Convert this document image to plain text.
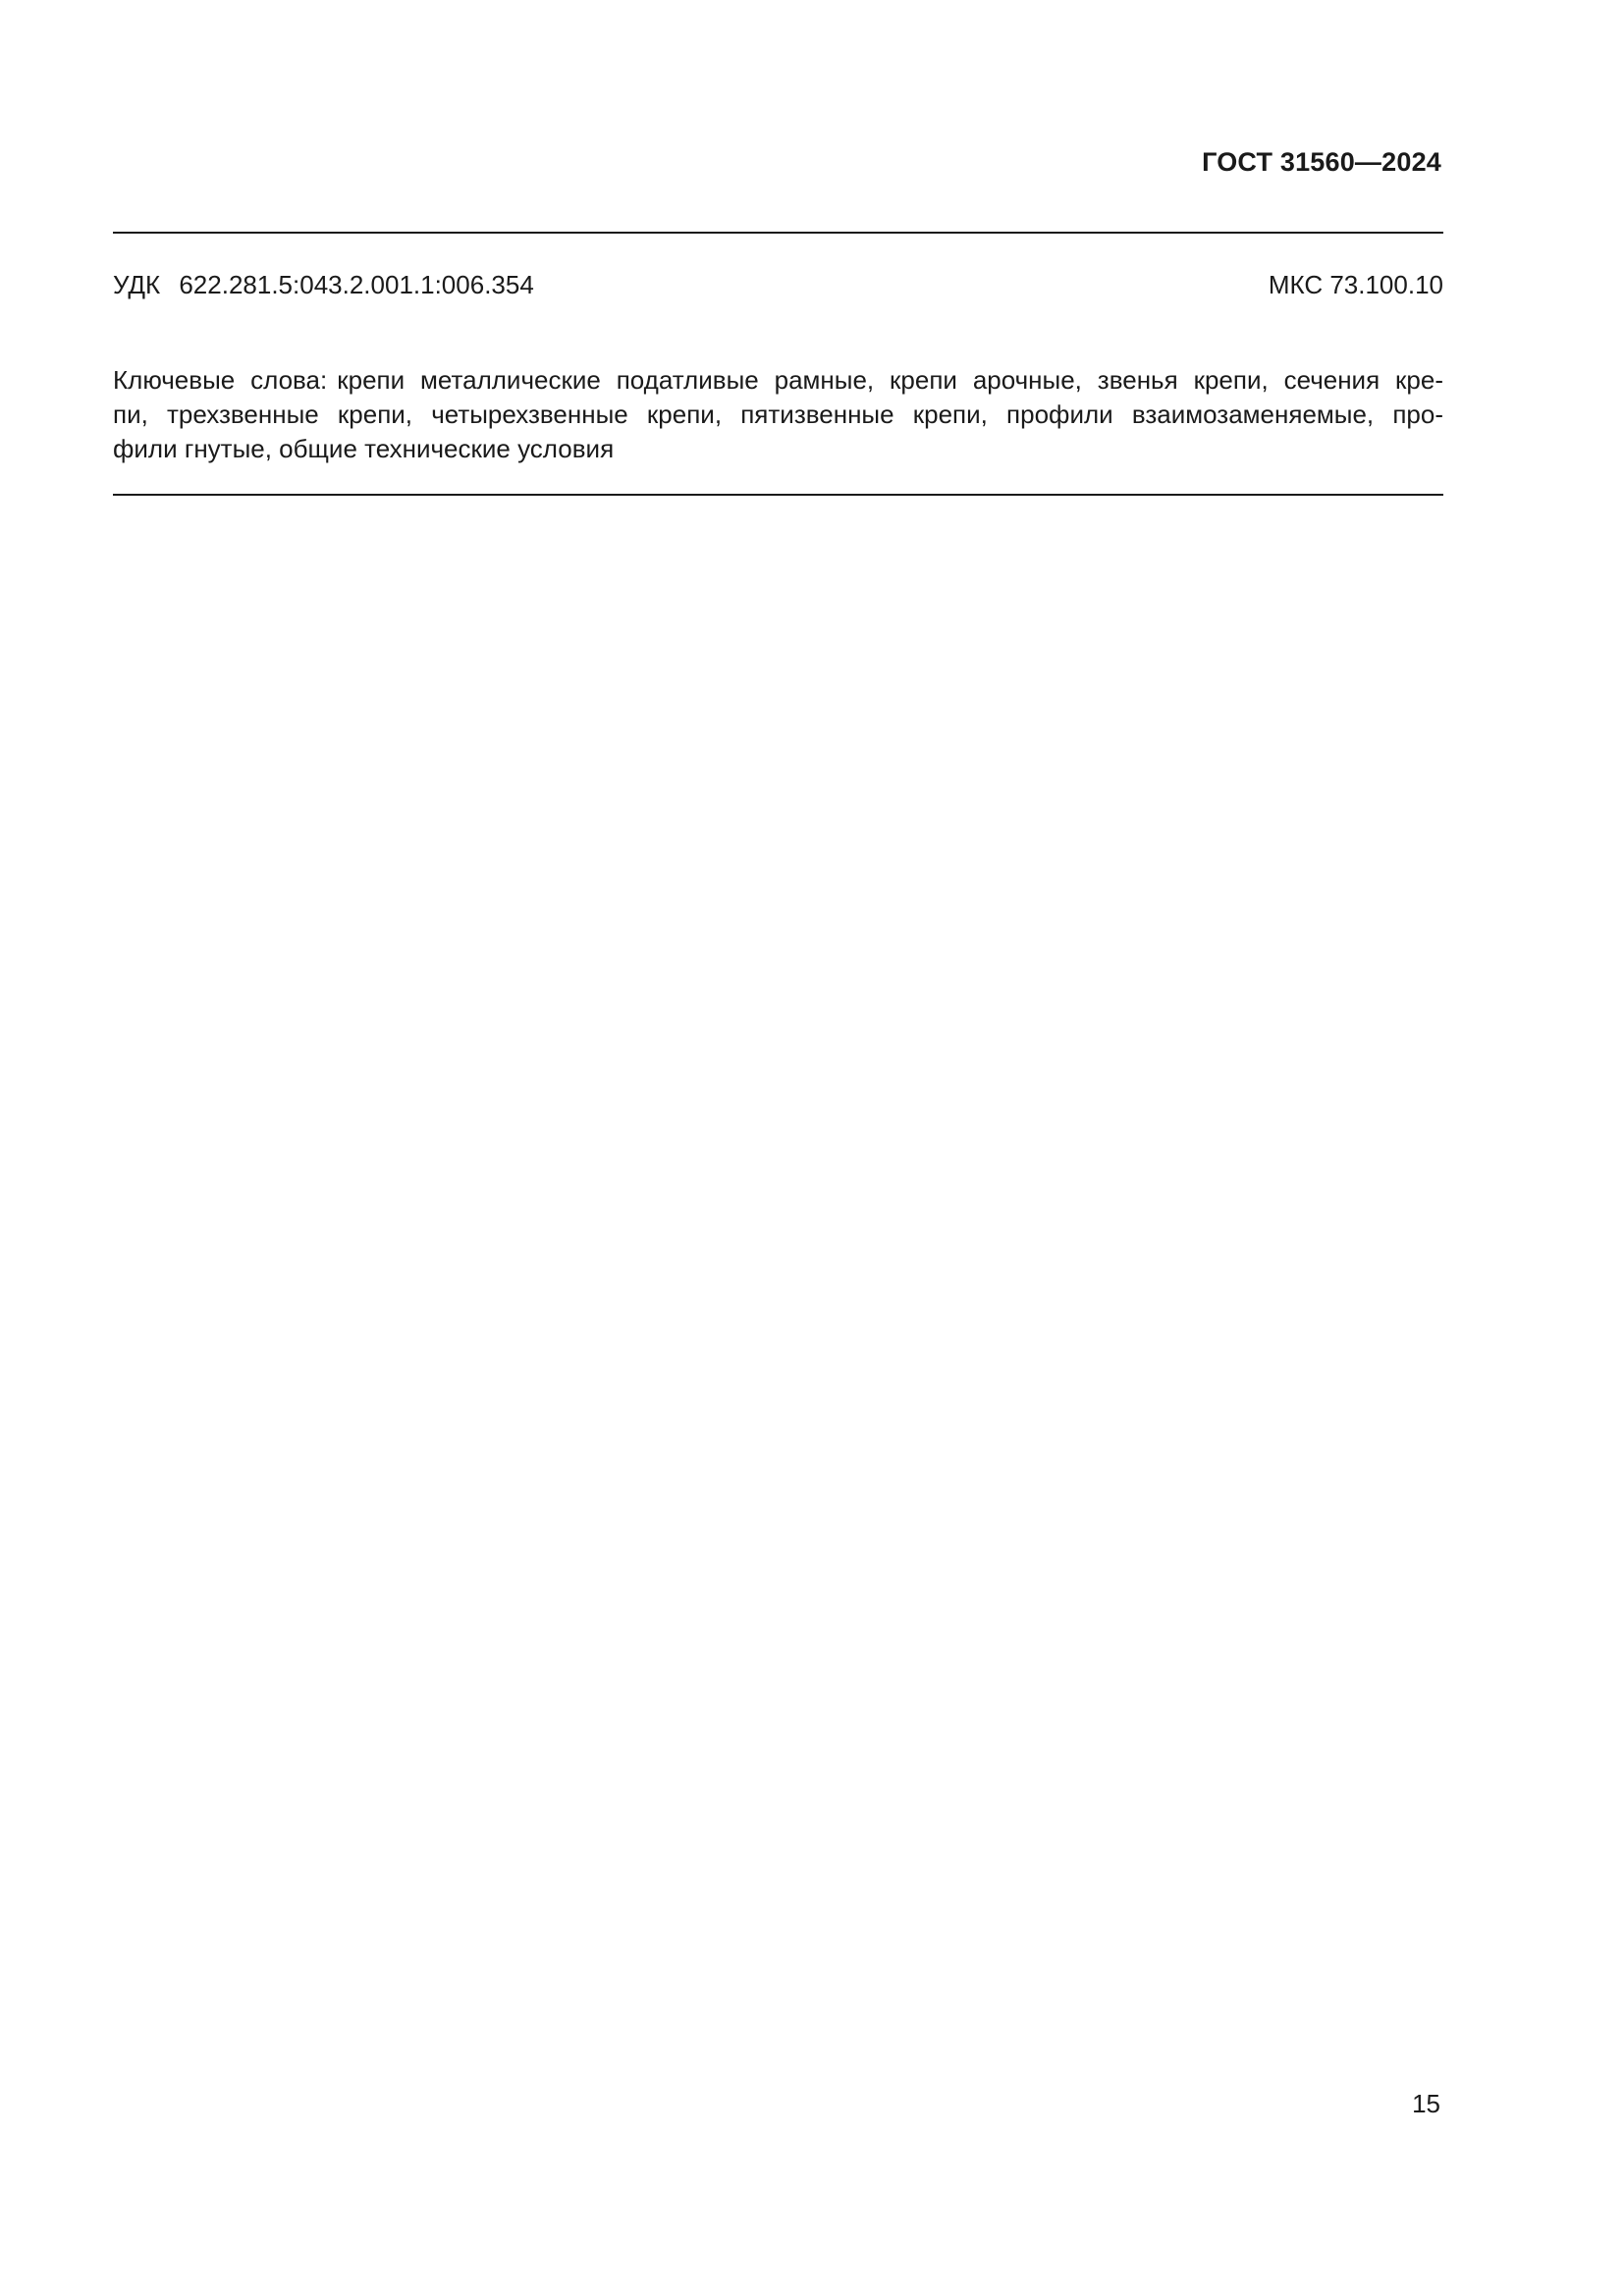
ГОСТ 31560—2024
УДК 622.281.5:043.2.001.1:006.354	МКС 73.100.10

Ключевые слова: крепи металлические податливые рамные, крепи арочные, звенья крепи, сечения кре-
пи, трехзвенные крепи, четырехзвенные крепи, пятизвенные крепи, профили взаимозаменяемые, про-
фили гнутые, общие технические условия

15
